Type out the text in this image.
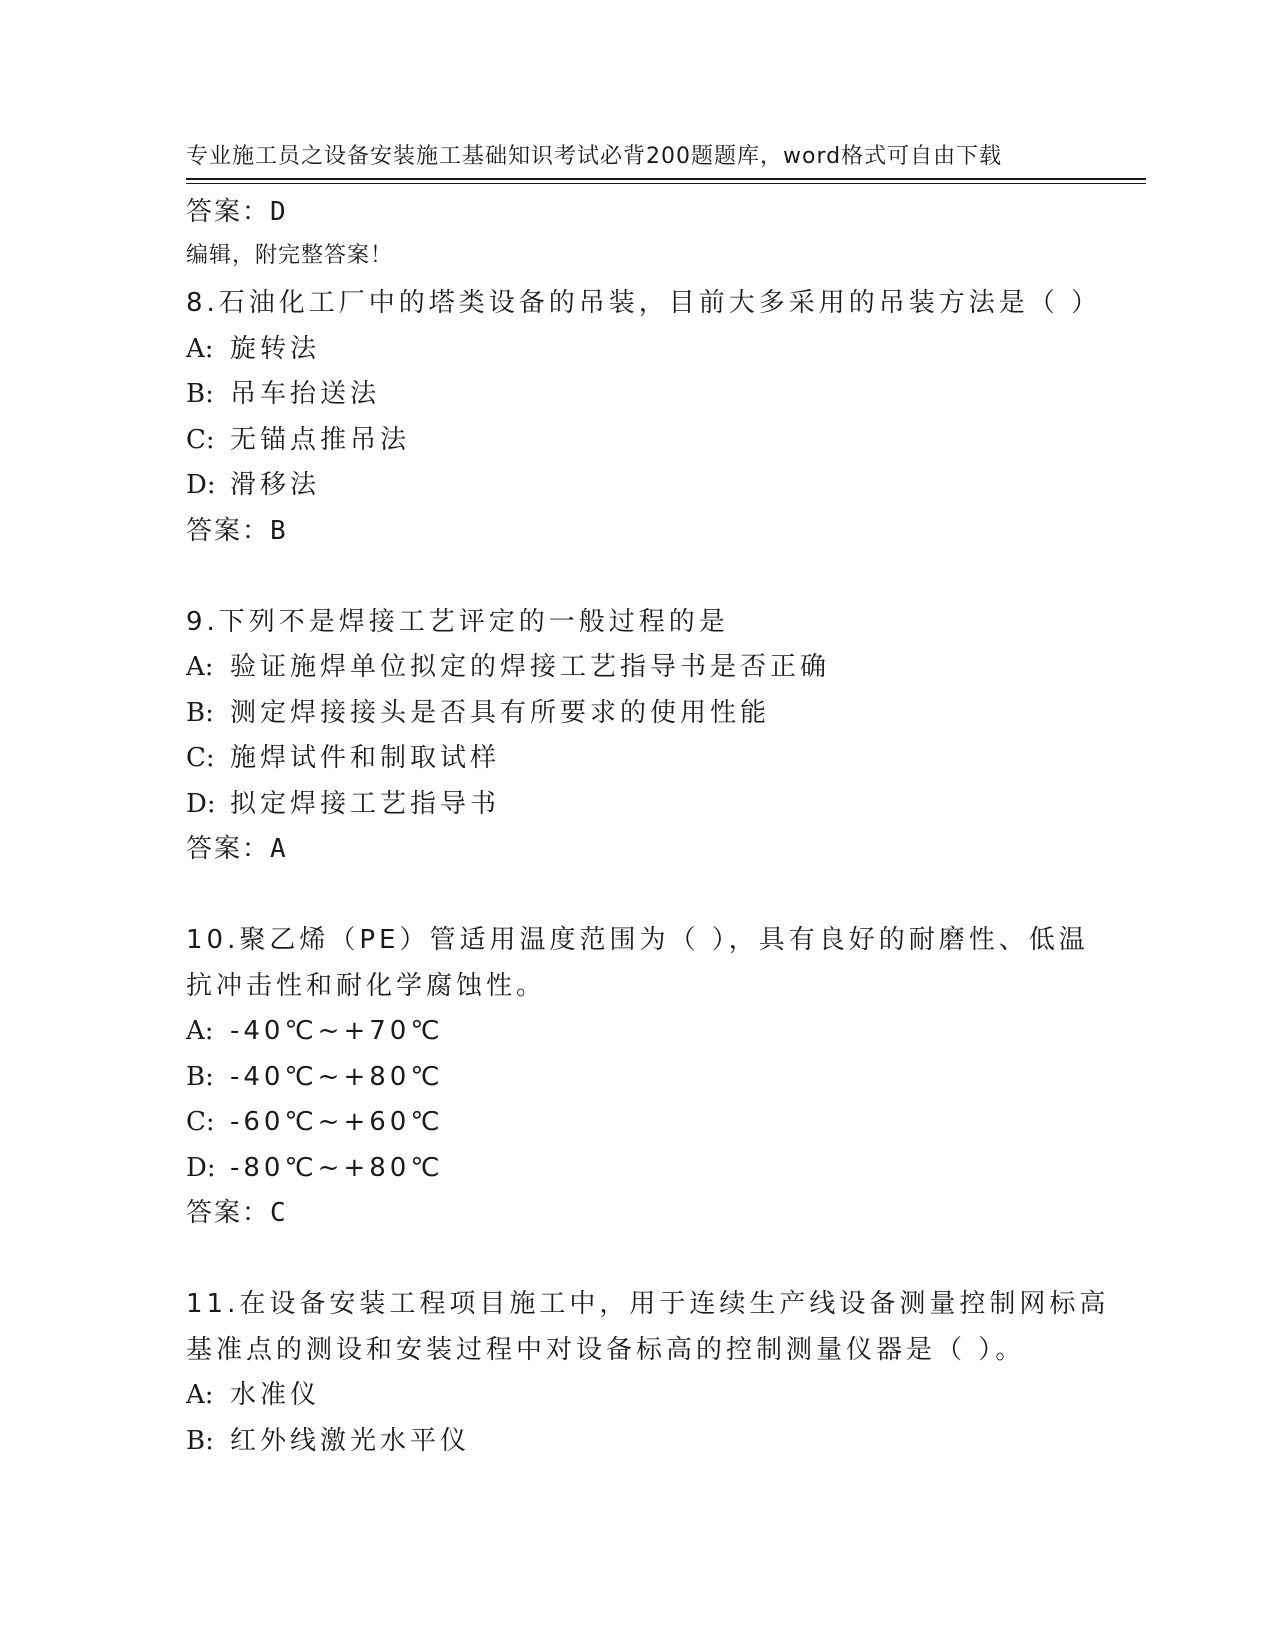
专业施工员之设备安装施工基础知识考试必背200题题库，word格式可自由下载

编辑，附完整答案！

答案：D
8.石油化工厂中的塔类设备的吊装，目前大多采用的吊装方法是（ ）
A: 旋转法
B: 吊车抬送法
C: 无锚点推吊法
D: 滑移法
答案：B
9.下列不是焊接工艺评定的一般过程的是
A: 验证施焊单位拟定的焊接工艺指导书是否正确
B: 测定焊接接头是否具有所要求的使用性能
C: 施焊试件和制取试样
D: 拟定焊接工艺指导书
答案：A
10.聚乙烯（PE）管适用温度范围为（ ），具有良好的耐磨性、低温
抗冲击性和耐化学腐蚀性。
A: -40℃~+70℃
B: -40℃~+80℃
C: -60℃~+60℃
D: -80℃~+80℃
答案：C
11.在设备安装工程项目施工中，用于连续生产线设备测量控制网标高
基准点的测设和安装过程中对设备标高的控制测量仪器是（ ）。
A: 水准仪
B: 红外线激光水平仪
